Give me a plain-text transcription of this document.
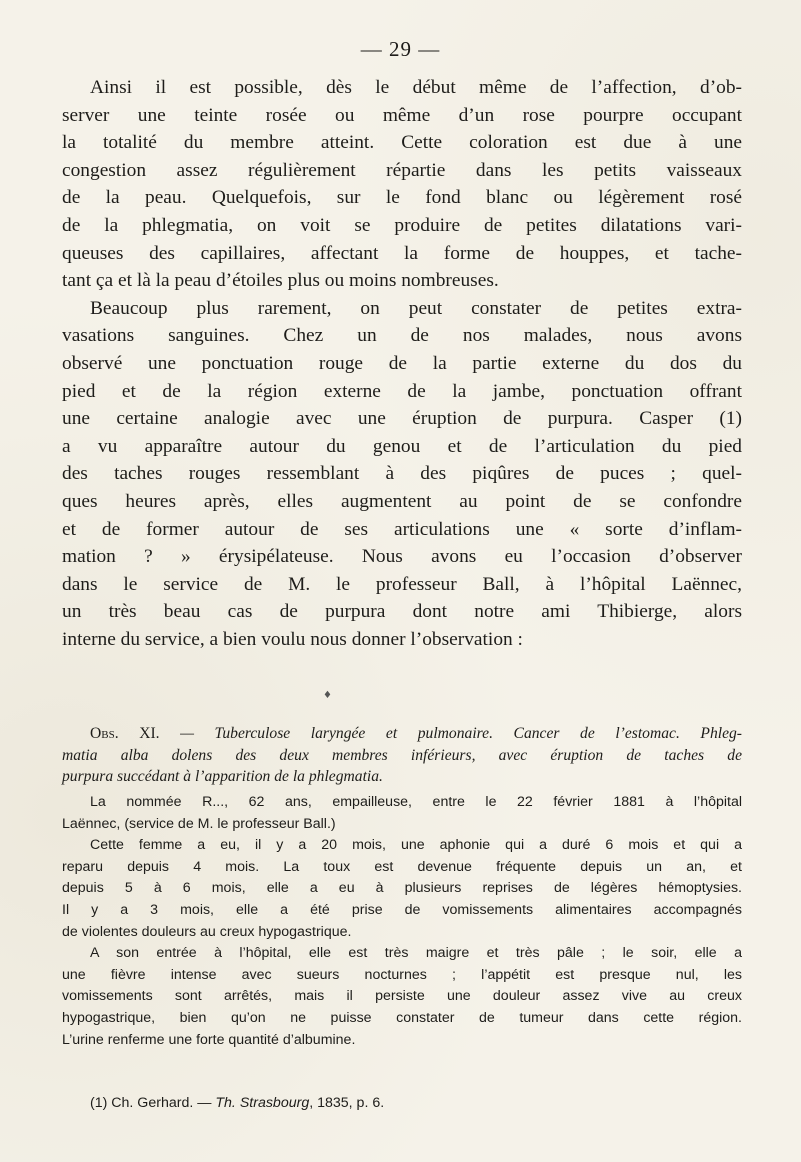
— 29 —
Ainsi il est possible, dès le début même de l’affection, d’ob-
server une teinte rosée ou même d’un rose pourpre occupant
la totalité du membre atteint. Cette coloration est due à une
congestion assez régulièrement répartie dans les petits vaisseaux
de la peau. Quelquefois, sur le fond blanc ou légèrement rosé
de la phlegmatia, on voit se produire de petites dilatations vari-
queuses des capillaires, affectant la forme de houppes, et tache-
tant ça et là la peau d’étoiles plus ou moins nombreuses.
Beaucoup plus rarement, on peut constater de petites extra-
vasations sanguines. Chez un de nos malades, nous avons
observé une ponctuation rouge de la partie externe du dos du
pied et de la région externe de la jambe, ponctuation offrant
une certaine analogie avec une éruption de purpura. Casper (1)
a vu apparaître autour du genou et de l’articulation du pied
des taches rouges ressemblant à des piqûres de puces ; quel-
ques heures après, elles augmentent au point de se confondre
et de former autour de ses articulations une « sorte d’inflam-
mation ? » érysipélateuse. Nous avons eu l’occasion d’observer
dans le service de M. le professeur Ball, à l’hôpital Laënnec,
un très beau cas de purpura dont notre ami Thibierge, alors
interne du service, a bien voulu nous donner l’observation :
♦
Obs. XI. — Tuberculose laryngée et pulmonaire. Cancer de l’estomac. Phleg-
matia alba dolens des deux membres inférieurs, avec éruption de taches de
purpura succédant à l’apparition de la phlegmatia.
La nommée R..., 62 ans, empailleuse, entre le 22 février 1881 à l’hôpital
Laënnec, (service de M. le professeur Ball.)
Cette femme a eu, il y a 20 mois, une aphonie qui a duré 6 mois et qui a
reparu depuis 4 mois. La toux est devenue fréquente depuis un an, et
depuis 5 à 6 mois, elle a eu à plusieurs reprises de légères hémoptysies.
Il y a 3 mois, elle a été prise de vomissements alimentaires accompagnés
de violentes douleurs au creux hypogastrique.
A son entrée à l’hôpital, elle est très maigre et très pâle ; le soir, elle a
une fièvre intense avec sueurs nocturnes ; l’appétit est presque nul, les
vomissements sont arrêtés, mais il persiste une douleur assez vive au creux
hypogastrique, bien qu’on ne puisse constater de tumeur dans cette région.
L’urine renferme une forte quantité d’albumine.
(1) Ch. Gerhard. — Th. Strasbourg, 1835, p. 6.
